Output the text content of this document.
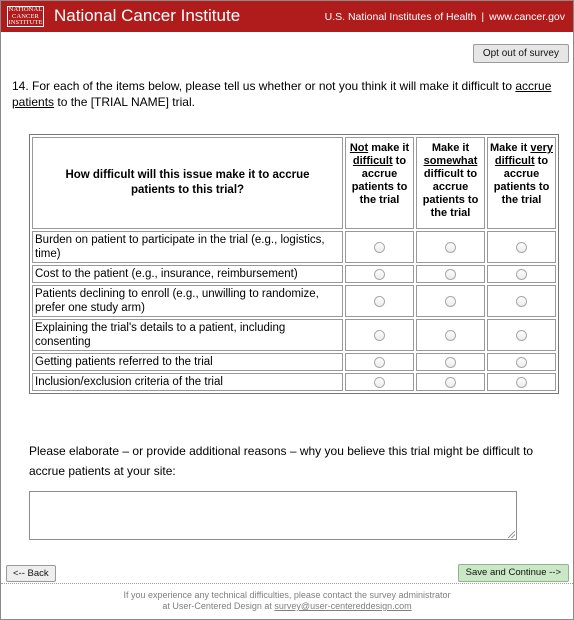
NATIONAL
CANCER
INSTITUTE National Cancer Institute	U.S. National Institutes of Health | www.cancer.gov
Opt out of survey
14. For each of the items below, please tell us whether or not you think it will make it difficult to accrue patients to the [TRIAL NAME] trial.
How difficult will this issue make it to accrue patients to this trial?	Not make it difficult to accrue patients to the trial	Make it somewhat difficult to accrue patients to the trial	Make it very difficult to accrue patients to the trial
Burden on patient to participate in the trial (e.g., logistics, time)			
Cost to the patient (e.g., insurance, reimbursement)			
Patients declining to enroll (e.g., unwilling to randomize, prefer one study arm)			
Explaining the trial's details to a patient, including consenting			
Getting patients referred to the trial			
Inclusion/exclusion criteria of the trial			
Please elaborate – or provide additional reasons – why you believe this trial might be difficult to accrue patients at your site:
<-- Back	Save and Continue -->
If you experience any technical difficulties, please contact the survey administrator
at User-Centered Design at survey@user-centereddesign.com
